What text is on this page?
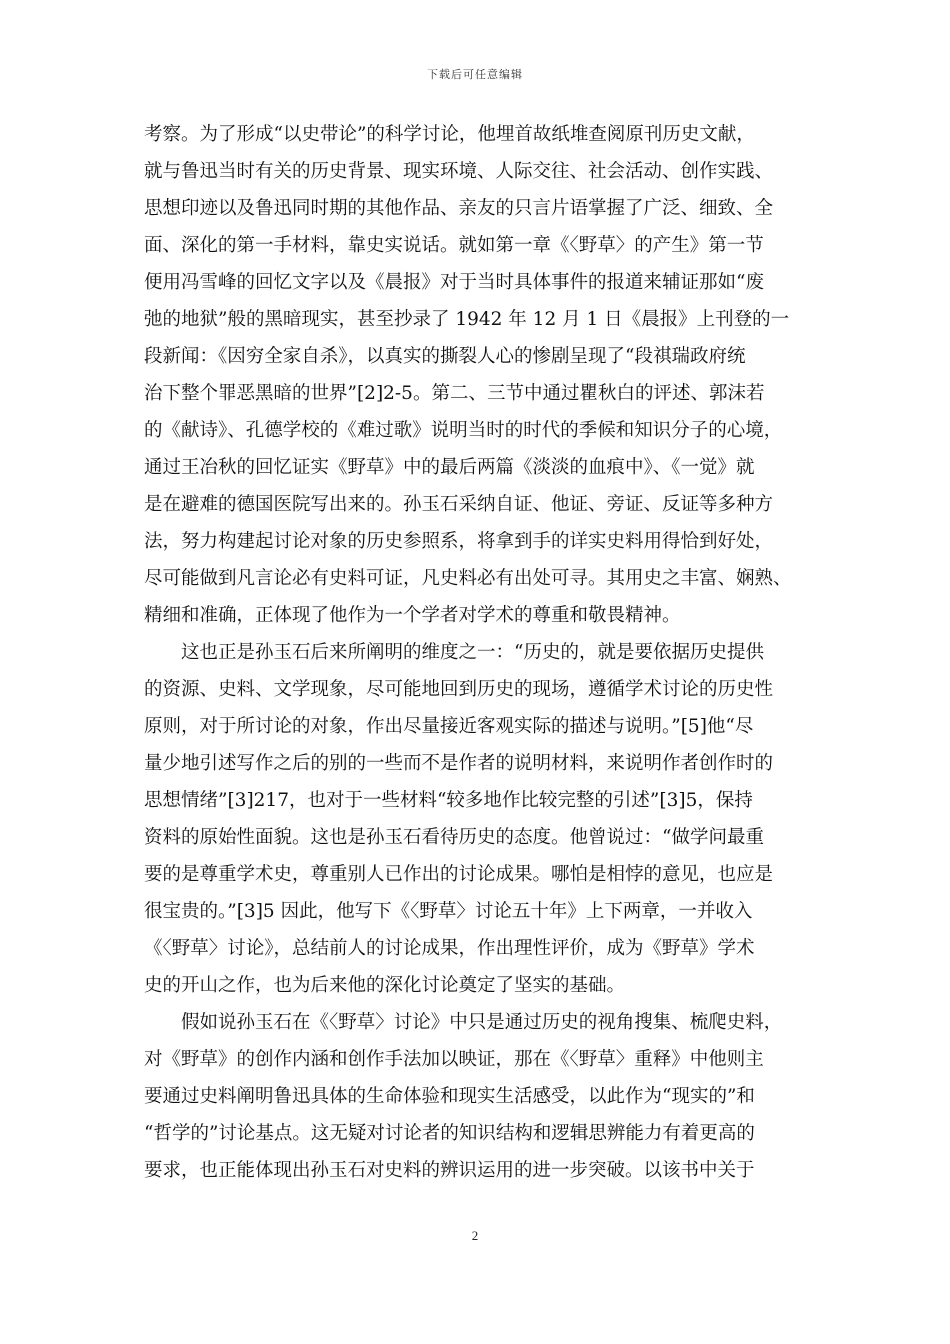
下载后可任意编辑
考察。为了形成“以史带论”的科学讨论，他埋首故纸堆查阅原刊历史文献，
就与鲁迅当时有关的历史背景、现实环境、人际交往、社会活动、创作实践、
思想印迹以及鲁迅同时期的其他作品、亲友的只言片语掌握了广泛、细致、全
面、深化的第一手材料，靠史实说话。就如第一章《〈野草〉的产生》第一节
便用冯雪峰的回忆文字以及《晨报》对于当时具体事件的报道来辅证那如“废
弛的地狱”般的黑暗现实，甚至抄录了 1942 年 12 月 1 日《晨报》上刊登的一
段新闻：《因穷全家自杀》，以真实的撕裂人心的惨剧呈现了“段祺瑞政府统
治下整个罪恶黑暗的世界”[2]2-5。第二、三节中通过瞿秋白的评述、郭沫若
的《献诗》、孔德学校的《难过歌》说明当时的时代的季候和知识分子的心境，
通过王冶秋的回忆证实《野草》中的最后两篇《淡淡的血痕中》、《一觉》就
是在避难的德国医院写出来的。孙玉石采纳自证、他证、旁证、反证等多种方
法，努力构建起讨论对象的历史参照系，将拿到手的详实史料用得恰到好处，
尽可能做到凡言论必有史料可证，凡史料必有出处可寻。其用史之丰富、娴熟、
精细和准确，正体现了他作为一个学者对学术的尊重和敬畏精神。
　　这也正是孙玉石后来所阐明的维度之一：“历史的，就是要依据历史提供
的资源、史料、文学现象，尽可能地回到历史的现场，遵循学术讨论的历史性
原则，对于所讨论的对象，作出尽量接近客观实际的描述与说明。”[5]他“尽
量少地引述写作之后的别的一些而不是作者的说明材料，来说明作者创作时的
思想情绪”[3]217，也对于一些材料“较多地作比较完整的引述”[3]5，保持
资料的原始性面貌。这也是孙玉石看待历史的态度。他曾说过：“做学问最重
要的是尊重学术史，尊重别人已作出的讨论成果。哪怕是相悖的意见，也应是
很宝贵的。”[3]5 因此，他写下《〈野草〉讨论五十年》上下两章，一并收入
《〈野草〉讨论》，总结前人的讨论成果，作出理性评价，成为《野草》学术
史的开山之作，也为后来他的深化讨论奠定了坚实的基础。
　　假如说孙玉石在《〈野草〉讨论》中只是通过历史的视角搜集、梳爬史料，
对《野草》的创作内涵和创作手法加以映证，那在《〈野草〉重释》中他则主
要通过史料阐明鲁迅具体的生命体验和现实生活感受，以此作为“现实的”和
“哲学的”讨论基点。这无疑对讨论者的知识结构和逻辑思辨能力有着更高的
要求，也正能体现出孙玉石对史料的辨识运用的进一步突破。以该书中关于
2
